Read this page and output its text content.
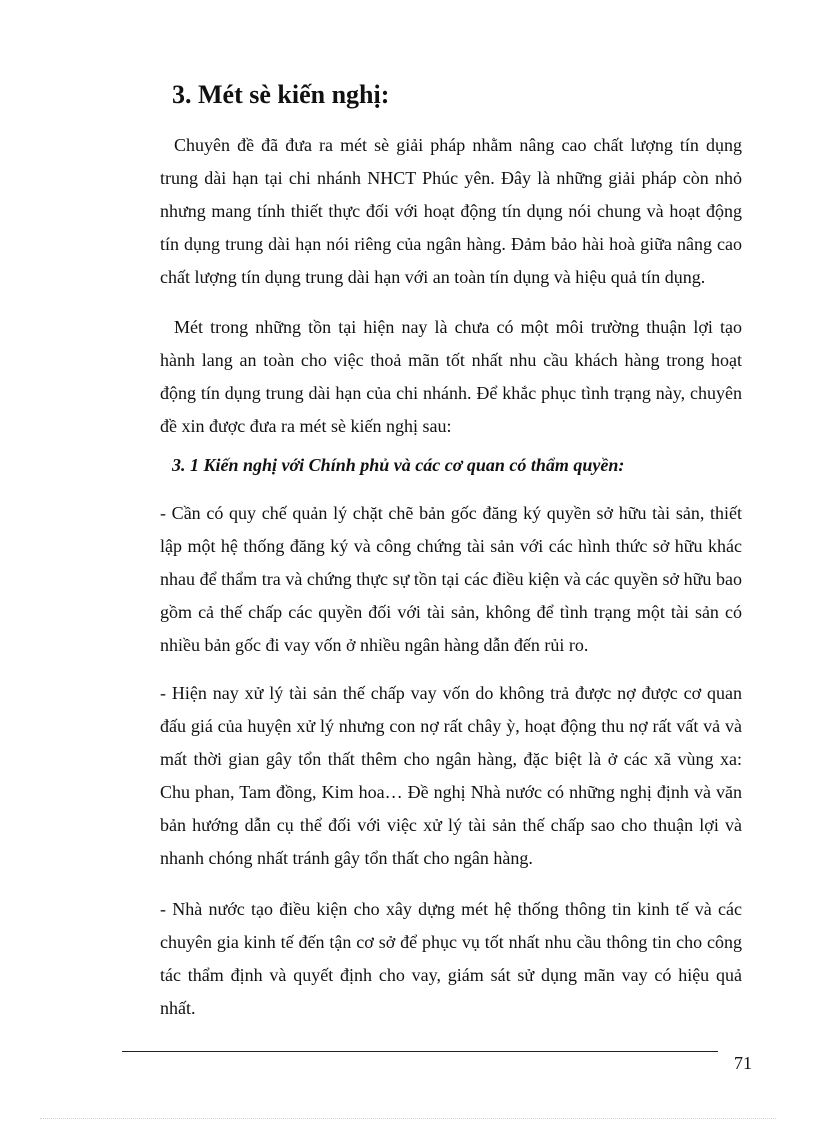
3. Mét sè kiến nghị:

Chuyên đề đã đưa ra mét sè giải pháp nhằm nâng cao chất lượng tín dụng trung dài hạn tại chi nhánh NHCT Phúc yên. Đây là những giải pháp còn nhỏ nhưng mang tính thiết thực đối với hoạt động tín dụng nói chung và hoạt động tín dụng trung dài hạn nói riêng của ngân hàng. Đảm bảo hài hoà giữa nâng cao chất lượng tín dụng trung dài hạn với an toàn tín dụng và hiệu quả tín dụng.

Mét trong những tồn tại hiện nay là chưa có một môi trường thuận lợi tạo hành lang an toàn cho việc thoả mãn tốt nhất nhu cầu khách hàng trong hoạt động tín dụng trung dài hạn của chi nhánh. Để khắc phục tình trạng này, chuyên đề xin được đưa ra mét sè kiến nghị sau:

3. 1 Kiến nghị với Chính phủ và các cơ quan có thẩm quyền:

- Cần có quy chế quản lý chặt chẽ bản gốc đăng ký quyền sở hữu tài sản, thiết lập một hệ thống đăng ký và công chứng tài sản với các hình thức sở hữu khác nhau để thẩm tra và chứng thực sự tồn tại các điều kiện và các quyền sở hữu bao gồm cả thế chấp các quyền đối với tài sản, không để tình trạng một tài sản có nhiều bản gốc đi vay vốn ở nhiều ngân hàng dẫn đến rủi ro.

- Hiện nay xử lý tài sản thế chấp vay vốn do không trả được nợ được cơ quan đấu giá của huyện xử lý nhưng con nợ rất chây ỳ, hoạt động thu nợ rất vất vả và mất thời gian gây tổn thất thêm cho ngân hàng, đặc biệt là ở các xã vùng xa: Chu phan, Tam đồng, Kim hoa… Đề nghị Nhà nước có những nghị định và văn bản hướng dẫn cụ thể đối với việc xử lý tài sản thế chấp sao cho thuận lợi và nhanh chóng nhất tránh gây tổn thất cho ngân hàng.

- Nhà nước tạo điều kiện cho xây dựng mét hệ thống thông tin kinh tế và các chuyên gia kinh tế đến tận cơ sở để phục vụ tốt nhất nhu cầu thông tin cho công tác thẩm định và quyết định cho vay, giám sát sử dụng mãn vay có hiệu quả nhất.

71
